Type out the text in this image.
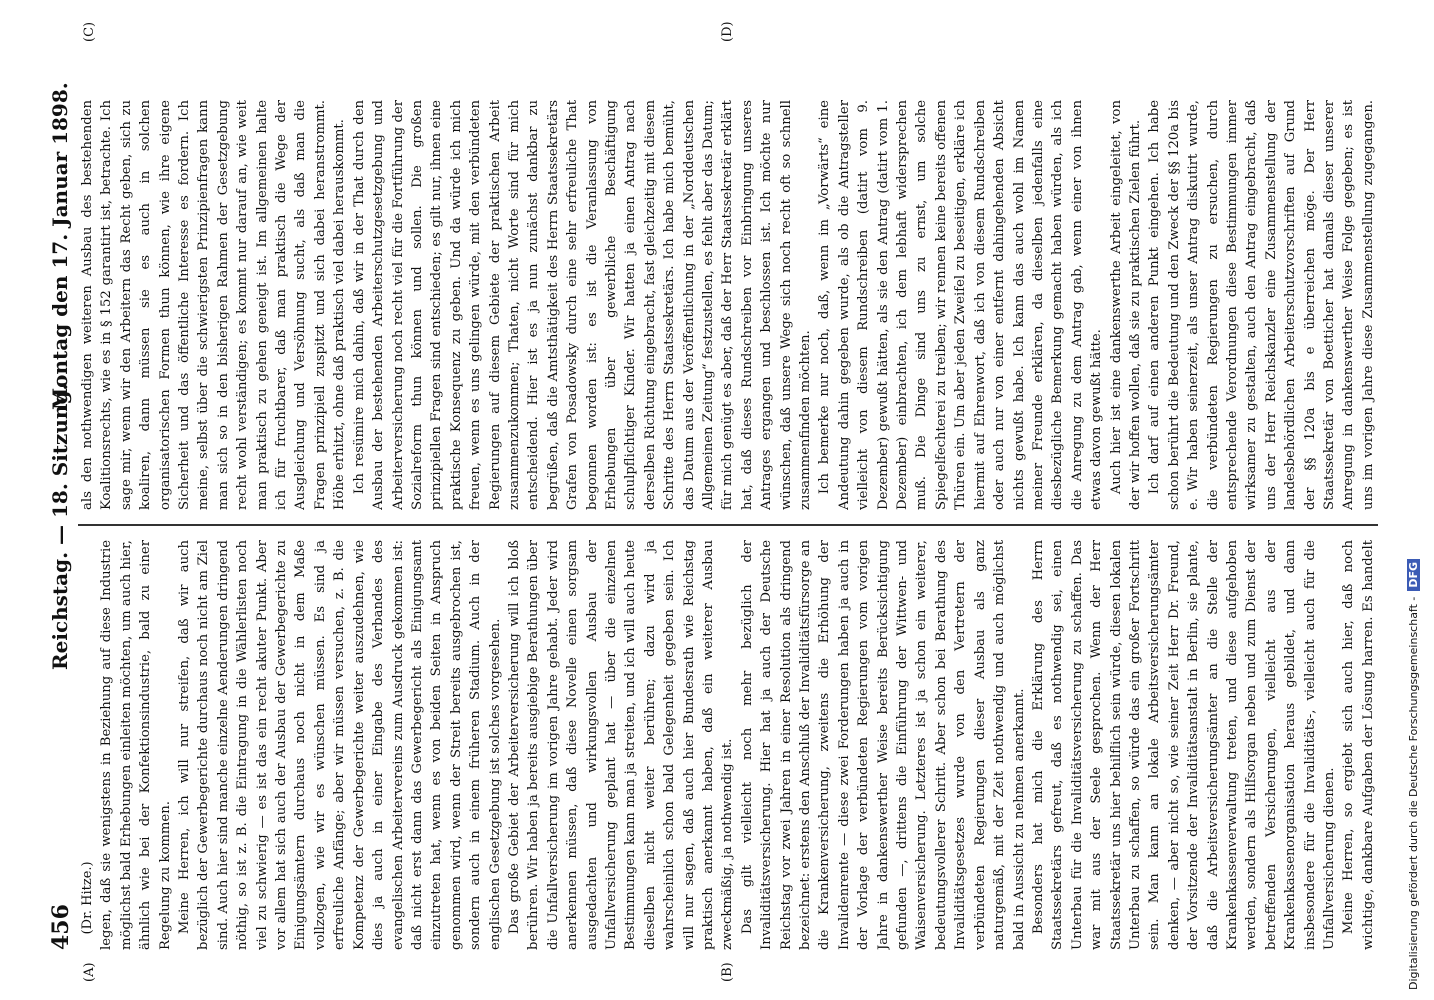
456
Reichstag. — 18. Sitzung.
Montag den 17. Januar 1898.
(A)	(B)
(C)	(D)

(Dr. Hitze.) legen, daß sie wenigstens in Beziehung auf diese Industrie möglichst bald Erhebungen einleiten möchten, um auch hier, ähnlich wie bei der Konfektionsindustrie, bald zu einer Regelung zu kommen. Meine Herren, ich will nur streifen, daß wir auch bezüglich der Gewerbegerichte durchaus noch nicht am Ziel sind. Auch hier sind manche einzelne Aenderungen dringend nöthig, so ist z. B. die Eintragung in die Wählerlisten noch viel zu schwierig — es ist das ein recht akuter Punkt. Aber vor allem hat sich auch der Ausbau der Gewerbegerichte zu Einigungsämtern durchaus noch nicht in dem Maße vollzogen, wie wir es wünschen müssen. Es sind ja erfreuliche Anfänge; aber wir müssen versuchen, z. B. die Kompetenz der Gewerbegerichte weiter auszudehnen, wie dies ja auch in einer Eingabe des Verbandes des evangelischen Arbeitervereins zum Ausdruck gekommen ist: daß nicht erst dann das Gewerbegericht als Einigungsamt einzutreten hat, wenn es von beiden Seiten in Anspruch genommen wird, wenn der Streit bereits ausgebrochen ist, sondern auch in einem früheren Stadium. Auch in der englischen Gesetzgebung ist solches vorgesehen. Das große Gebiet der Arbeiterversicherung will ich bloß berühren. Wir haben ja bereits ausgiebige Berathungen über die Unfallversicherung im vorigen Jahre gehabt. Jeder wird anerkennen müssen, daß diese Novelle einen sorgsam ausgedachten und wirkungsvollen Ausbau der Unfallversicherung geplant hat — über die einzelnen Bestimmungen kann man ja streiten, und ich will auch heute dieselben nicht weiter berühren; dazu wird ja wahrscheinlich schon bald Gelegenheit gegeben sein. Ich will nur sagen, daß auch hier Bundesrath wie Reichstag praktisch anerkannt haben, daß ein weiterer Ausbau zweckmäßig, ja nothwendig ist. Das gilt vielleicht noch mehr bezüglich der Invaliditätsversicherung. Hier hat ja auch der Deutsche Reichstag vor zwei Jahren in einer Resolution als dringend bezeichnet: erstens den Anschluß der Invaliditätsfürsorge an die Krankenversicherung, zweitens die Erhöhung der Invalidenrente — diese zwei Forderungen haben ja auch in der Vorlage der verbündeten Regierungen vom vorigen Jahre in dankenswerther Weise bereits Berücksichtigung gefunden —, drittens die Einführung der Wittwen- und Waisenversicherung. Letzteres ist ja schon ein weiterer, bedeutungsvollerer Schritt. Aber schon bei Berathung des Invaliditätsgesetzes wurde von den Vertretern der verbündeten Regierungen dieser Ausbau als ganz naturgemäß, mit der Zeit nothwendig und auch möglichst bald in Aussicht zu nehmen anerkannt. Besonders hat mich die Erklärung des Herrn Staatssekretärs gefreut, daß es nothwendig sei, einen Unterbau für die Invaliditätsversicherung zu schaffen. Das war mit aus der Seele gesprochen. Wenn der Herr Staatssekretär uns hier behilflich sein würde, diesen lokalen Unterbau zu schaffen, so würde das ein großer Fortschritt sein. Man kann an lokale Arbeitsversicherungsämter denken, — aber nicht so, wie seiner Zeit Herr Dr. Freund, der Vorsitzende der Invaliditätsanstalt in Berlin, sie plante, daß die Arbeitsversicherungsämter an die Stelle der Krankenkassenverwaltung treten, und diese aufgehoben werden, sondern als Hilfsorgan neben und zum Dienst der betreffenden Versicherungen, vielleicht aus der Krankenkassenorganisation heraus gebildet, und dann insbesondere für die Invaliditäts-, vielleicht auch für die Unfallversicherung dienen. Meine Herren, so ergiebt sich auch hier, daß noch wichtige, dankbare Aufgaben der Lösung harren. Es handelt

als den nothwendigen weiteren Ausbau des bestehenden Koalitionsrechts, wie es in § 152 garantirt ist, betrachte. Ich sage mir, wenn wir den Arbeitern das Recht geben, sich zu koaliren, dann müssen sie es auch in solchen organisatorischen Formen thun können, wie ihre eigene Sicherheit und das öffentliche Interesse es fordern. Ich meine, selbst über die schwierigsten Prinzipienfragen kann man sich so in den bisherigen Rahmen der Gesetzgebung recht wohl verständigen; es kommt nur darauf an, wie weit man praktisch zu gehen geneigt ist. Im allgemeinen halte ich für fruchtbarer, daß man praktisch die Wege der Ausgleichung und Versöhnung sucht, als daß man die Fragen prinzipiell zuspitzt und sich dabei heranstrommt. Höhe erhitzt, ohne daß praktisch viel dabei herauskommt. Ich resümire mich dahin, daß wir in der That durch den Ausbau der bestehenden Arbeiterschutzgesetzgebung und Arbeiterversicherung noch recht viel für die Fortführung der Sozialreform thun können und sollen. Die großen prinzipiellen Fragen sind entschieden; es gilt nur, ihnen eine praktische Konsequenz zu geben. Und da würde ich mich freuen, wenn es uns gelingen würde, mit den verbündeten Regierungen auf diesem Gebiete der praktischen Arbeit zusammenzukommen; Thaten, nicht Worte sind für mich entscheidend. Hier ist es ja nun zunächst dankbar zu begrüßen, daß die Amtsthätigkeit des Herrn Staatssekretärs Grafen von Posadowsky durch eine sehr erfreuliche That begonnen worden ist: es ist die Veranlassung von Erhebungen über gewerbliche Beschäftigung schulpflichtiger Kinder. Wir hatten ja einen Antrag nach derselben Richtung eingebracht, fast gleichzeitig mit diesem Schritte des Herrn Staatssekretärs. Ich habe mich bemüht, das Datum aus der Veröffentlichung in der „Norddeutschen Allgemeinen Zeitung“ festzustellen, es fehlt aber das Datum; für mich genügt es aber, daß der Herr Staatssekretär erklärt hat, daß dieses Rundschreiben vor Einbringung unseres Antrages ergangen und beschlossen ist. Ich möchte nur wünschen, daß unsere Wege sich noch recht oft so schnell zusammenfinden möchten. Ich bemerke nur noch, daß, wenn im „Vorwärts“ eine Andeutung dahin gegeben wurde, als ob die Antragsteller vielleicht von diesem Rundschreiben (datirt vom 9. Dezember) gewußt hätten, als sie den Antrag (datirt vom 1. Dezember) einbrachten, ich dem lebhaft widersprechen muß. Die Dinge sind uns zu ernst, um solche Spiegelfechterei zu treiben; wir rennen keine bereits offenen Thüren ein. Um aber jeden Zweifel zu beseitigen, erkläre ich hiermit auf Ehrenwort, daß ich von diesem Rundschreiben oder auch nur von einer entfernt dahingehenden Absicht nichts gewußt habe. Ich kann das auch wohl im Namen meiner Freunde erklären, da dieselben jedenfalls eine diesbezügliche Bemerkung gemacht haben würden, als ich die Anregung zu dem Antrag gab, wenn einer von ihnen etwas davon gewußt hätte. Auch hier ist eine dankenswerthe Arbeit eingeleitet, von der wir hoffen wollen, daß sie zu praktischen Zielen führt. Ich darf auf einen anderen Punkt eingehen. Ich habe schon berührt die Bedeutung und den Zweck der §§ 120a bis e. Wir haben seinerzeit, als unser Antrag diskutirt wurde, die verbündeten Regierungen zu ersuchen, durch entsprechende Verordnungen diese Bestimmungen immer wirksamer zu gestalten, auch den Antrag eingebracht, daß uns der Herr Reichskanzler eine Zusammenstellung der landesbehördlichen Arbeiterschutzvorschriften auf Grund der §§ 120a bis e überreichen möge. Der Herr Staatssekretär von Boetticher hat damals dieser unserer Anregung in dankenswerther Weise Folge gegeben; es ist uns im vorigen Jahre diese Zusammenstellung zugegangen.

Digitalisierung gefördert durch die Deutsche Forschungsgemeinschaft -DFG
